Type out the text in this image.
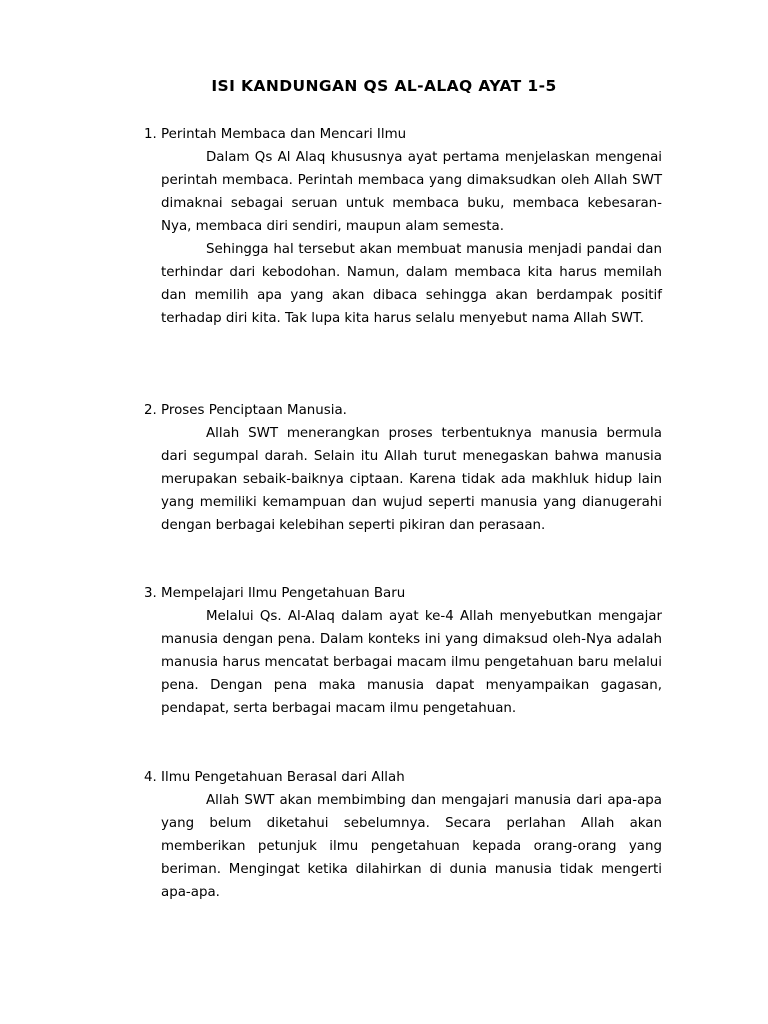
ISI KANDUNGAN QS AL-ALAQ AYAT 1-5

1. Perintah Membaca dan Mencari Ilmu

Dalam Qs Al Alaq khususnya ayat pertama menjelaskan mengenai perintah membaca. Perintah membaca yang dimaksudkan oleh Allah SWT dimaknai sebagai seruan untuk membaca buku, membaca kebesaran-Nya, membaca diri sendiri, maupun alam semesta.

Sehingga hal tersebut akan membuat manusia menjadi pandai dan terhindar dari kebodohan. Namun, dalam membaca kita harus memilah dan memilih apa yang akan dibaca sehingga akan berdampak positif terhadap diri kita. Tak lupa kita harus selalu menyebut nama Allah SWT.

2. Proses Penciptaan Manusia.

Allah SWT menerangkan proses terbentuknya manusia bermula dari segumpal darah. Selain itu Allah turut menegaskan bahwa manusia merupakan sebaik-baiknya ciptaan. Karena tidak ada makhluk hidup lain yang memiliki kemampuan dan wujud seperti manusia yang dianugerahi dengan berbagai kelebihan seperti pikiran dan perasaan.

3. Mempelajari Ilmu Pengetahuan Baru

Melalui Qs. Al-Alaq dalam ayat ke-4 Allah menyebutkan mengajar manusia dengan pena. Dalam konteks ini yang dimaksud oleh-Nya adalah manusia harus mencatat berbagai macam ilmu pengetahuan baru melalui pena. Dengan pena maka manusia dapat menyampaikan gagasan, pendapat, serta berbagai macam ilmu pengetahuan.

4. Ilmu Pengetahuan Berasal dari Allah

Allah SWT akan membimbing dan mengajari manusia dari apa-apa yang belum diketahui sebelumnya. Secara perlahan Allah akan memberikan petunjuk ilmu pengetahuan kepada orang-orang yang beriman. Mengingat ketika dilahirkan di dunia manusia tidak mengerti apa-apa.
